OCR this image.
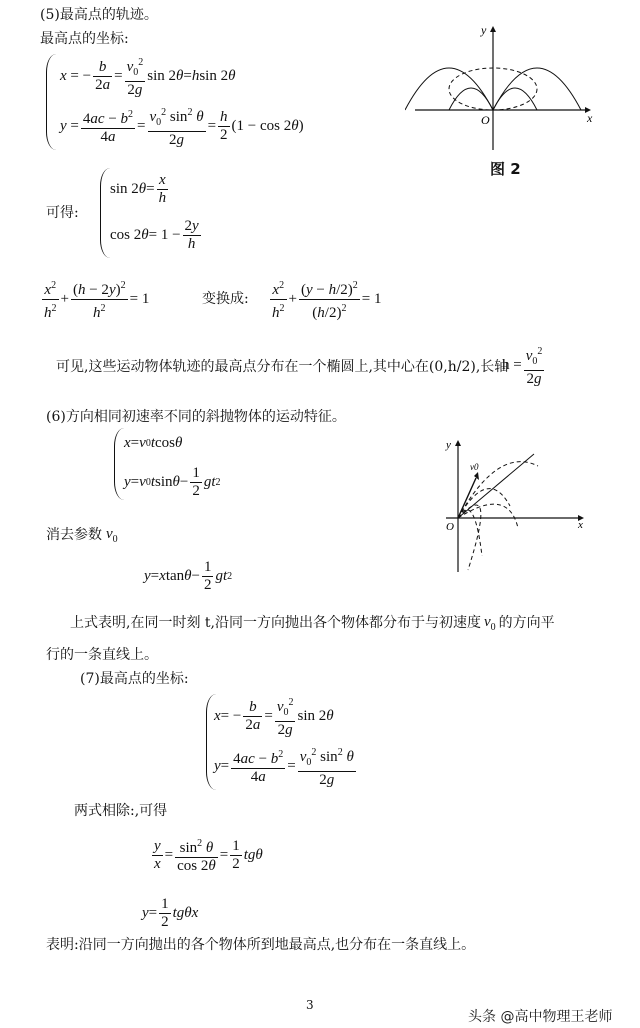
(5)最高点的轨迹。
最高点的坐标:
x = − $\frac{b}{2a} = \frac{v_0^2}{2g}$ sin 2 θ = h sin 2 θ
$y = \frac{4ac - b^2}{4a} = \frac{v_0^2 \sin^2 \theta}{2g} = \frac{h}{2} (1 - \cos 2$ θ )	x
y
O
图 2
可得:
sin 2 $\theta = \frac{x}{h}$
cos 2 $\theta = 1 - \frac{2y}{h}$
$\frac{x^2}{h^2} + \frac{(h - 2y)^2}{h^2} = 1$	变换成: $\frac{x^2}{h^2} + \frac{(y - h/2)^2}{(h/2)^2} = 1$
可见,这些运动物体轨迹的最高点分布在一个椭圆上,其中心在(0,h/2),长轴
$h = \frac{v_0^2}{2g}$
(6)方向相同初速率不同的斜抛物体的运动特征。
x = v 0 t cos θ
y = v 0 t $\sin \theta - \frac{1}{2}$ gt 2
消去参数 $v_0$
y = x $\tan \theta - \frac{1}{2}$ gt 2
x
y
O
v0
上式表明,在同一时刻 t,沿同一方向抛出各个物体都分布于与初速度 $v_0$ 的方向平
行的一条直线上。
(7)最高点的坐标:
x = − $\frac{b}{2a} = \frac{v_0^2}{2g}$ sin 2 θ
$y = \frac{4ac - b^2}{4a} = \frac{v_0^2 \sin^2 \theta}{2g}$
两式相除:,可得
$\frac{y}{x} = \frac{\sin^2 \theta}{\cos 2\theta} = \frac{1}{2}$ tgθ
$y = \frac{1}{2}$ tgθx
表明:沿同一方向抛出的各个物体所到地最高点,也分布在一条直线上。
3
头条 @高中物理王老师
